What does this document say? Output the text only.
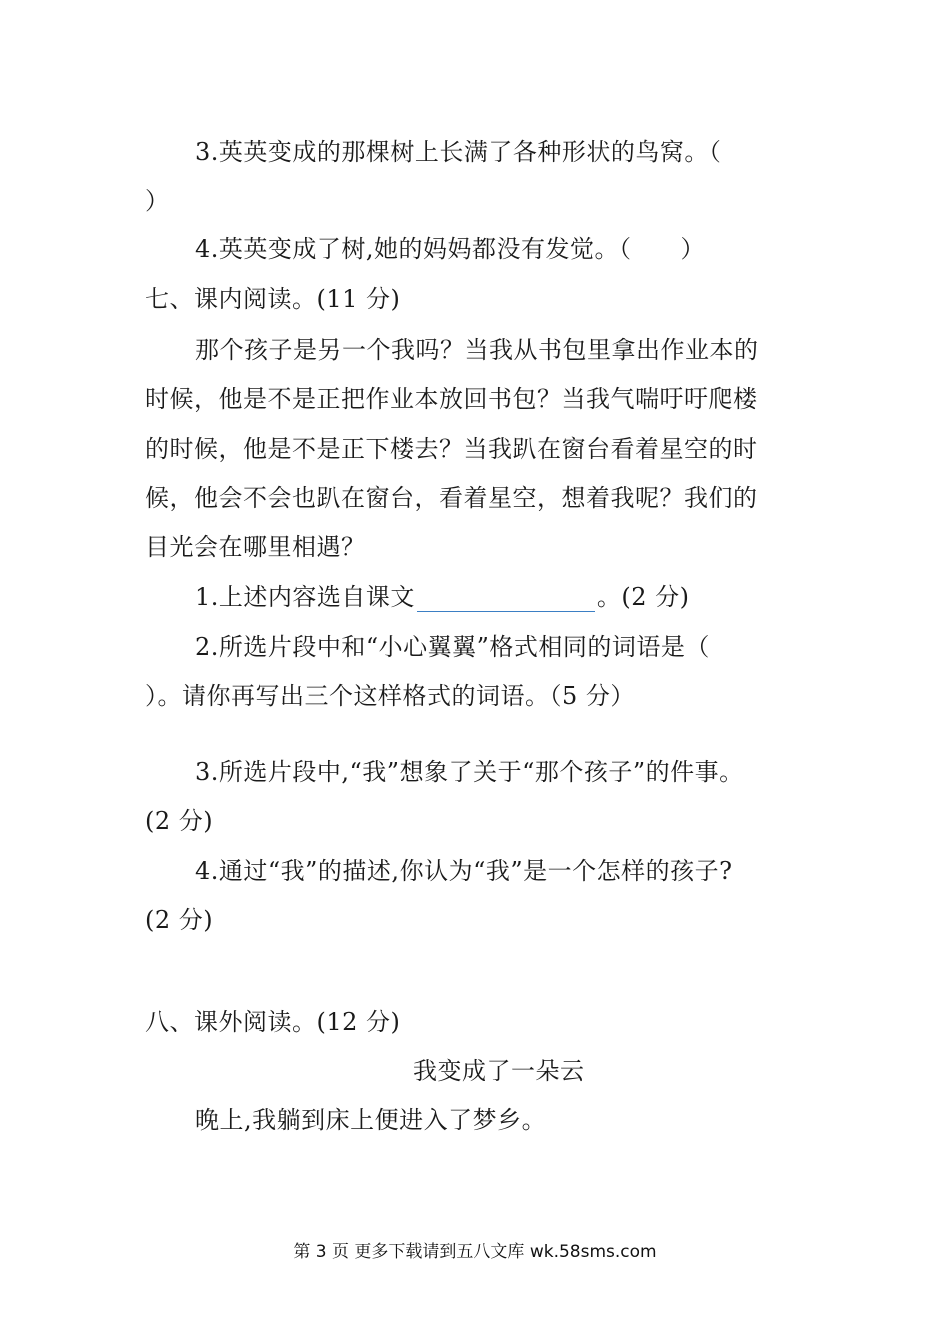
3.英英变成的那棵树上长满了各种形状的鸟窝。（
）
4.英英变成了树,她的妈妈都没有发觉。（　　）
七、课内阅读。(11 分)
那个孩子是另一个我吗？当我从书包里拿出作业本的
时候，他是不是正把作业本放回书包？当我气喘吁吁爬楼
的时候，他是不是正下楼去？当我趴在窗台看着星空的时
候，他会不会也趴在窗台，看着星空，想着我呢？我们的
目光会在哪里相遇？
1.上述内容选自课文	。(2 分)
2.所选片段中和“小心翼翼”格式相同的词语是（
）。请你再写出三个这样格式的词语。（5 分）
3.所选片段中,“我”想象了关于“那个孩子”的件事。
(2 分)
4.通过“我”的描述,你认为“我”是一个怎样的孩子?
(2 分)
八、课外阅读。(12 分)
我变成了一朵云
晚上,我躺到床上便进入了梦乡。
第 3 页 更多下载请到五八文库 wk.58sms.com
